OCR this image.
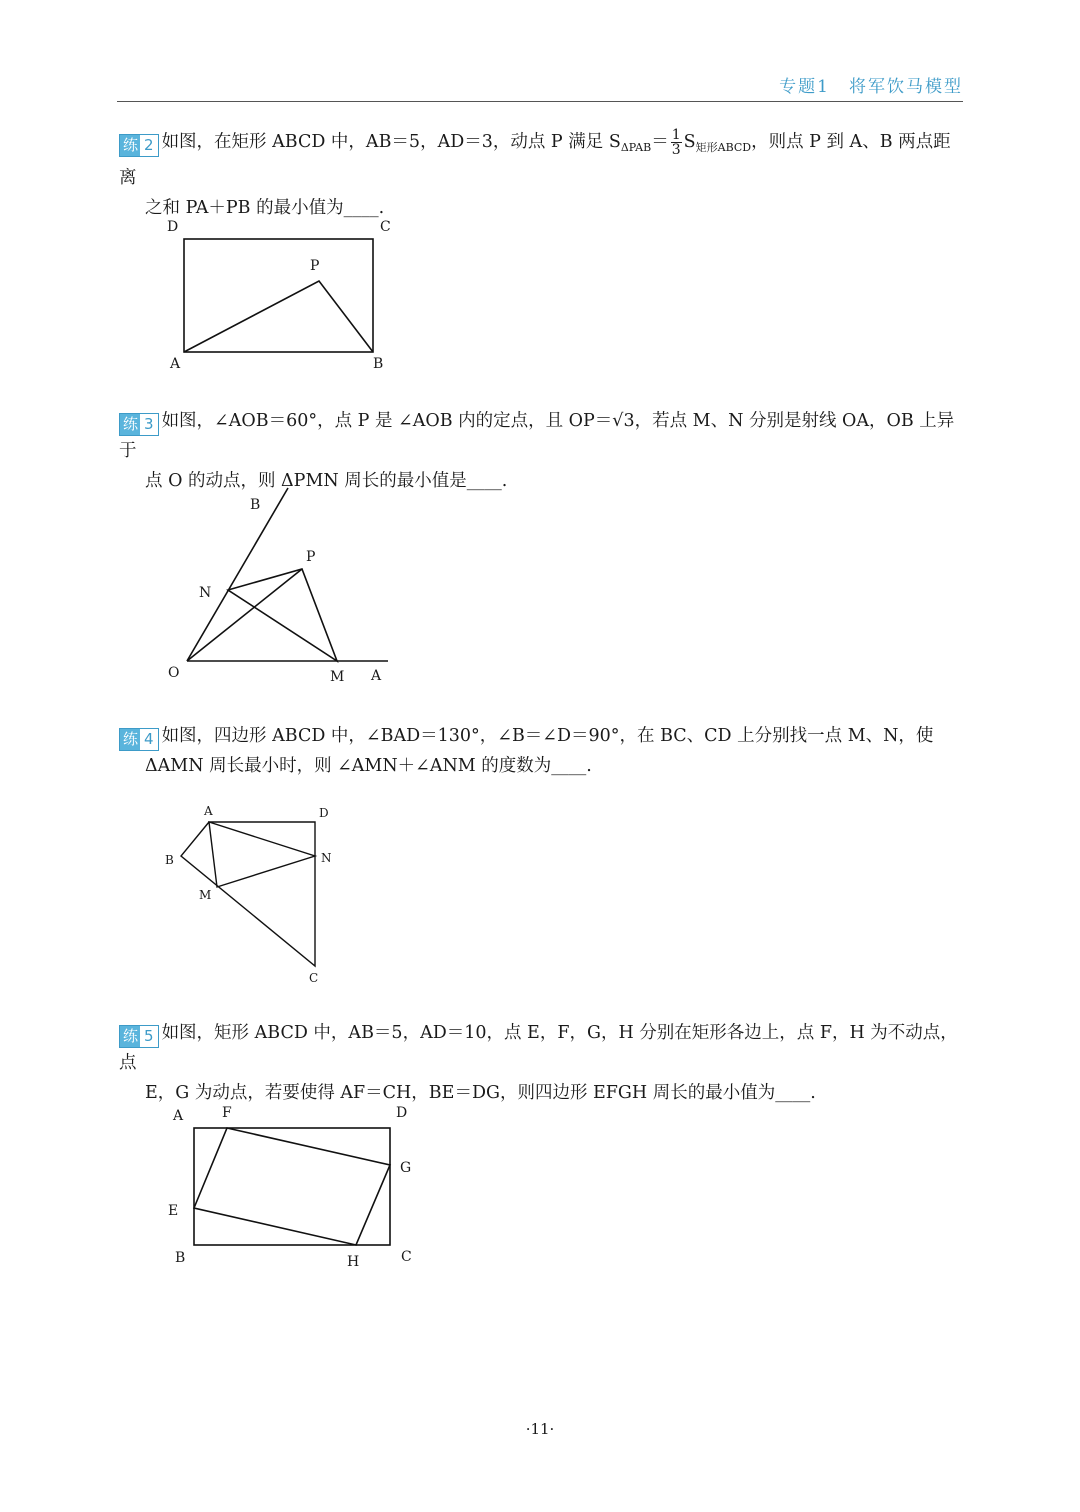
专题1　将军饮马模型
练 2 如图，在矩形 ABCD 中，AB＝5，AD＝3，动点 P 满足 $S_{\Delta PAB}= \frac{1}{3} S_{矩形ABCD}$，则点 P 到 A、B 两点距离
之和 PA＋PB 的最小值为____.
D	C
P
A	B
练 3 如图，∠AOB＝60°，点 P 是 ∠AOB 内的定点，且 OP＝√3，若点 M、N 分别是射线 OA，OB 上异于
点 O 的动点，则 ΔPMN 周长的最小值是____.
B
P
N
O	M A
练 4 如图，四边形 ABCD 中，∠BAD＝130°，∠B＝∠D＝90°，在 BC、CD 上分别找一点 M、N，使
ΔAMN 周长最小时，则 ∠AMN＋∠ANM 的度数为____.
A	D
B	N
M
C
练 5 如图，矩形 ABCD 中，AB＝5，AD＝10，点 E，F，G，H 分别在矩形各边上，点 F，H 为不动点，点
E，G 为动点，若要使得 AF＝CH，BE＝DG，则四边形 EFGH 周长的最小值为____.
A	F	D
G
E
B	H	C
·11·
